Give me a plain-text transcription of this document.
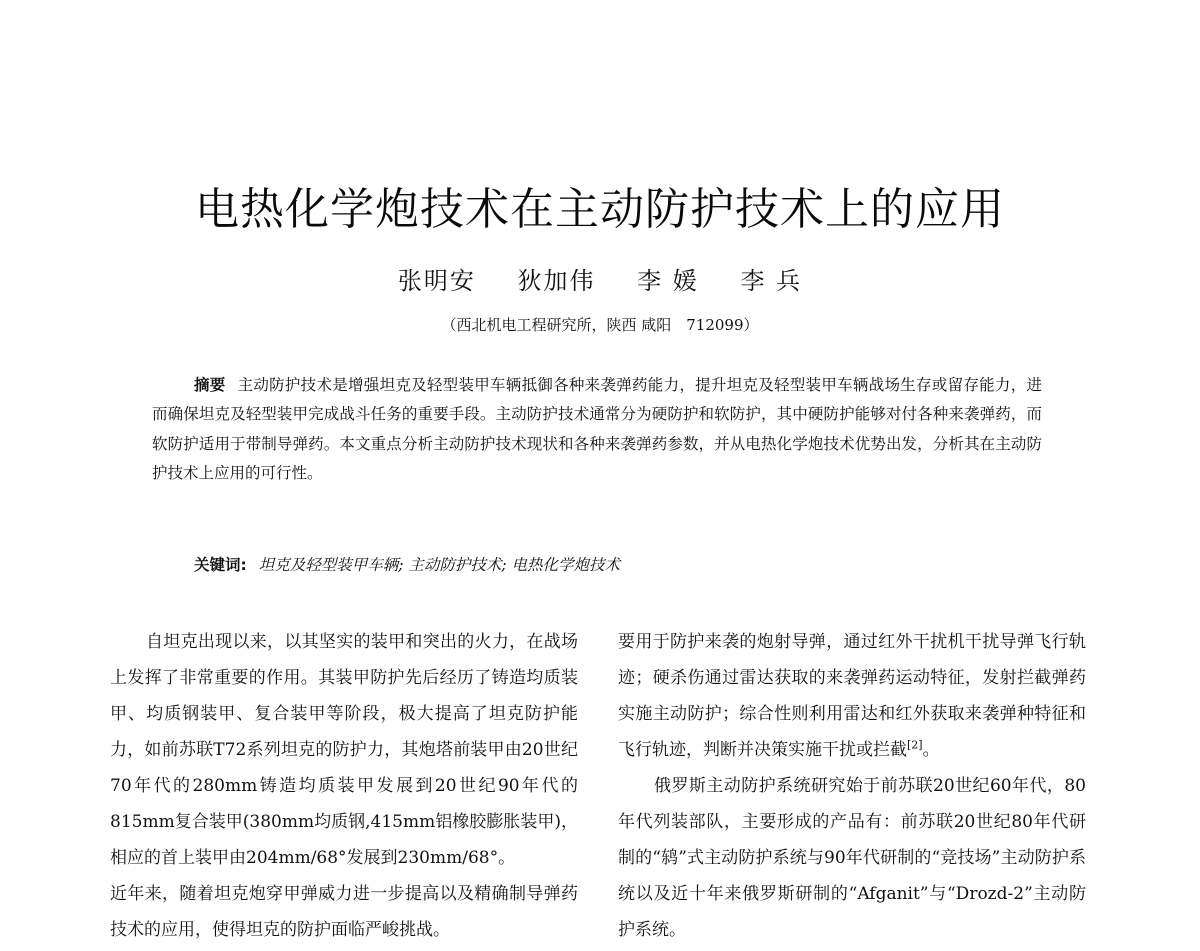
电热化学炮技术在主动防护技术上的应用
张明安 狄加伟 李 媛 李 兵
（西北机电工程研究所，陕西 咸阳　712099）

摘要 主动防护技术是增强坦克及轻型装甲车辆抵御各种来袭弹药能力，提升坦克及轻型装甲车辆战场生存或留存能力，进而确保坦克及轻型装甲完成战斗任务的重要手段。主动防护技术通常分为硬防护和软防护，其中硬防护能够对付各种来袭弹药，而软防护适用于带制导弹药。本文重点分析主动防护技术现状和各种来袭弹药参数，并从电热化学炮技术优势出发，分析其在主动防护技术上应用的可行性。

关键词: 坦克及轻型装甲车辆; 主动防护技术; 电热化学炮技术

自坦克出现以来，以其坚实的装甲和突出的火力，在战场上发挥了非常重要的作用。其装甲防护先后经历了铸造均质装甲、均质钢装甲、复合装甲等阶段，极大提高了坦克防护能力，如前苏联T72系列坦克的防护力，其炮塔前装甲由20世纪70年代的280mm铸造均质装甲发展到20世纪90年代的815mm复合装甲(380mm均质钢,415mm铝橡胶膨胀装甲)，相应的首上装甲由204mm/68°发展到230mm/68°。

近年来，随着坦克炮穿甲弹威力进一步提高以及精确制导弹药技术的应用，使得坦克的防护面临严峻挑战。

要用于防护来袭的炮射导弹，通过红外干扰机干扰导弹飞行轨迹；硬杀伤通过雷达获取的来袭弹药运动特征，发射拦截弹药实施主动防护；综合性则利用雷达和红外获取来袭弹种特征和飞行轨迹，判断并决策实施干扰或拦截[2]。

俄罗斯主动防护系统研究始于前苏联20世纪60年代，80年代列装部队，主要形成的产品有：前苏联20世纪80年代研制的“鸫”式主动防护系统与90年代研制的“竞技场”主动防护系统以及近十年来俄罗斯研制的“Afganit”与“Drozd-2”主动防护系统。
